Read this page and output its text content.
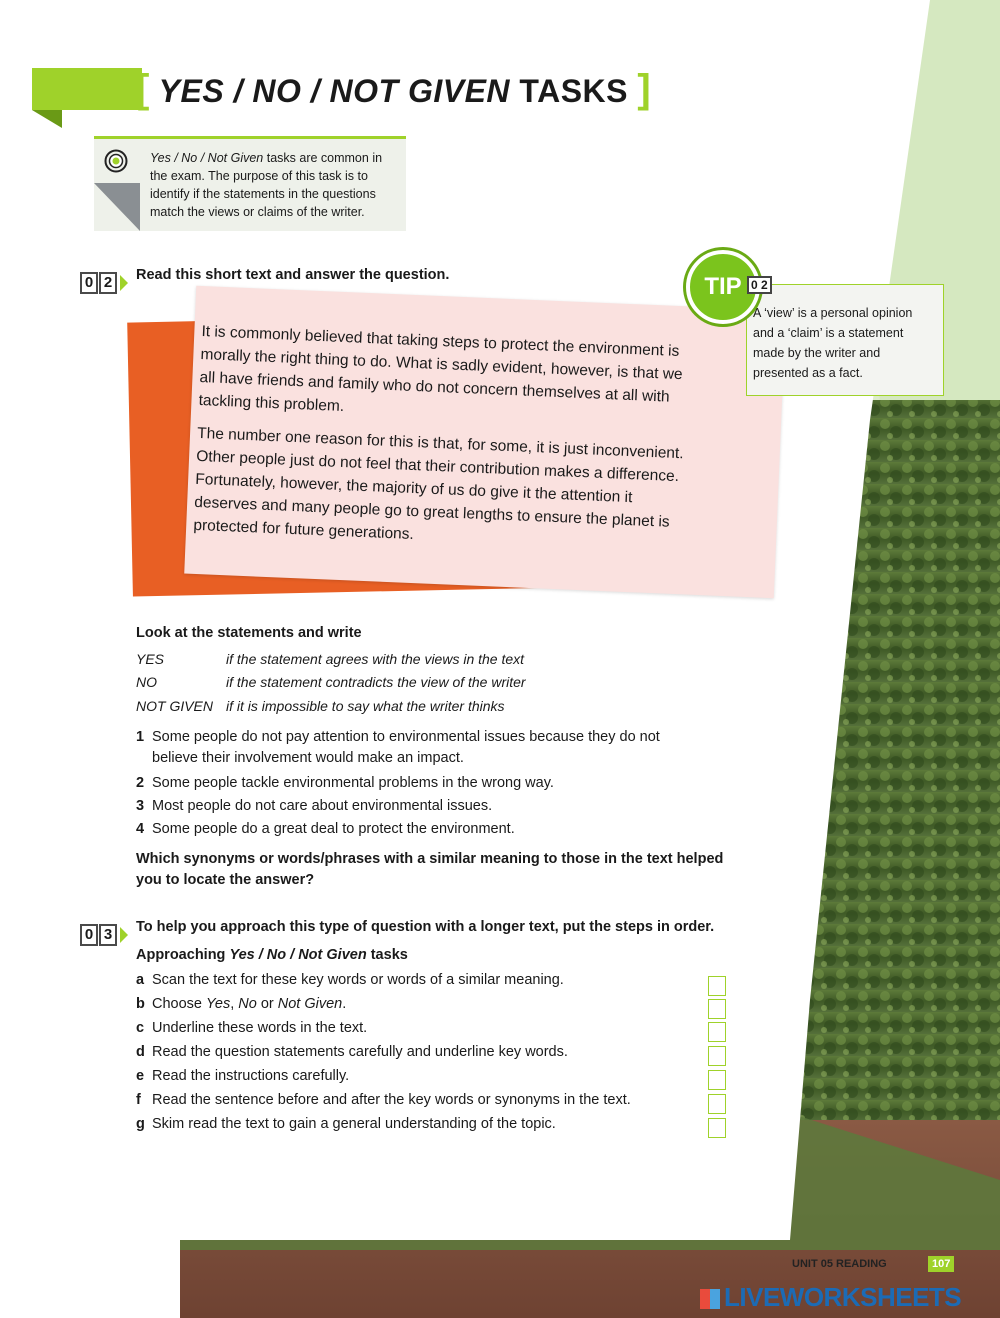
[ YES / NO / NOT GIVEN TASKS ]

Yes / No / Not Given tasks are common in the exam. The purpose of this task is to identify if the statements in the questions match the views or claims of the writer.

0 2	Read this short text and answer the question.

It is commonly believed that taking steps to protect the environment is morally the right thing to do. What is sadly evident, however, is that we all have friends and family who do not concern themselves at all with tackling this problem.

The number one reason for this is that, for some, it is just inconvenient. Other people just do not feel that their contribution makes a difference. Fortunately, however, the majority of us do give it the attention it deserves and many people go to great lengths to ensure the planet is protected for future generations.

A ‘view’ is a personal opinion and a ‘claim’ is a statement made by the writer and presented as a fact.

TIP 0 2
Look at the statements and write
YES	if the statement agrees with the views in the text
NO	if the statement contradicts the view of the writer
NOT GIVEN if it is impossible to say what the writer thinks
1 Some people do not pay attention to environmental issues because they do not
believe their involvement would make an impact.
2 Some people tackle environmental problems in the wrong way.
3 Most people do not care about environmental issues.
4 Some people do a great deal to protect the environment.
Which synonyms or words/phrases with a similar meaning to those in the text helped you to locate the answer?
0 3	To help you approach this type of question with a longer text, put the steps in order.
Approaching Yes / No / Not Given tasks
a Scan the text for these key words or words of a similar meaning.
b Choose Yes, No or Not Given.
c Underline these words in the text.
d Read the question statements carefully and underline key words.
e Read the instructions carefully.
f Read the sentence before and after the key words or synonyms in the text.
g Skim read the text to gain a general understanding of the topic.
UNIT 05 READING	107
LIVEWORKSHEETS
